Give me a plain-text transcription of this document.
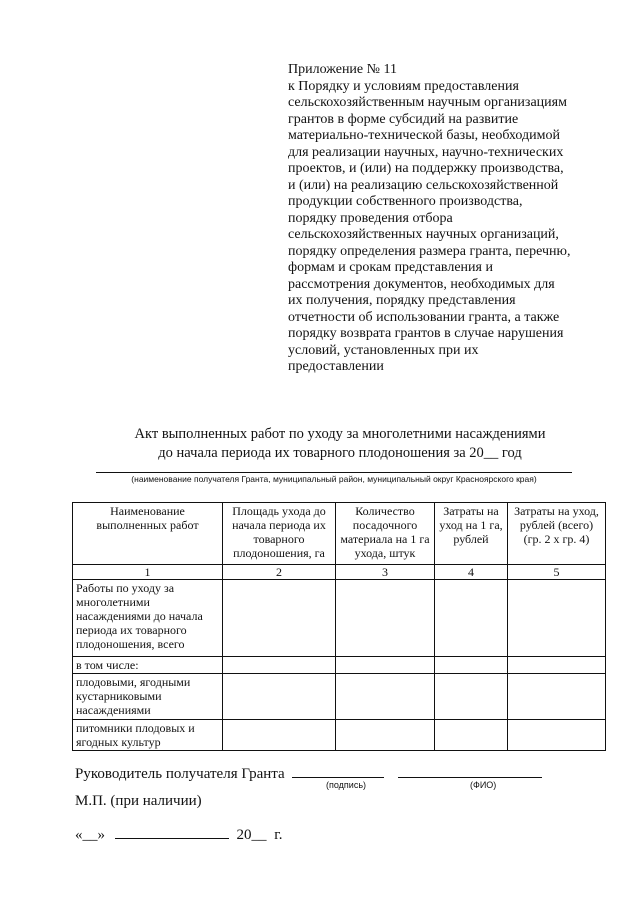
Приложение № 11
к Порядку и условиям предоставления
сельскохозяйственным научным организациям
грантов в форме субсидий на развитие
материально-технической базы, необходимой
для реализации научных, научно-технических
проектов, и (или) на поддержку производства,
и (или) на реализацию сельскохозяйственной
продукции собственного производства,
порядку проведения отбора
сельскохозяйственных научных организаций,
порядку определения размера гранта, перечню,
формам и срокам представления и
рассмотрения документов, необходимых для
их получения, порядку представления
отчетности об использовании гранта, а также
порядку возврата грантов в случае нарушения
условий, установленных при их
предоставлении
Акт выполненных работ по уходу за многолетними насаждениями
до начала периода их товарного плодоношения за 20__ год
(наименование получателя Гранта, муниципальный район, муниципальный округ Красноярского края)
Наименование выполненных работ	Площадь ухода до начала периода их товарного плодоношения, га	Количество посадочного материала на 1 га ухода, штук	Затраты на уход на 1 га, рублей	Затраты на уход, рублей (всего) (гр. 2 х гр. 4)
1	2	3	4	5
Работы по уходу за многолетними насаждениями до начала периода их товарного плодоношения, всего				
в том числе:				
плодовыми, ягодными кустарниковыми насаждениями				
питомники плодовых и ягодных культур				
Руководитель получателя Гранта
(подпись)	(ФИО)
М.П. (при наличии)
«__»	20__ г.
